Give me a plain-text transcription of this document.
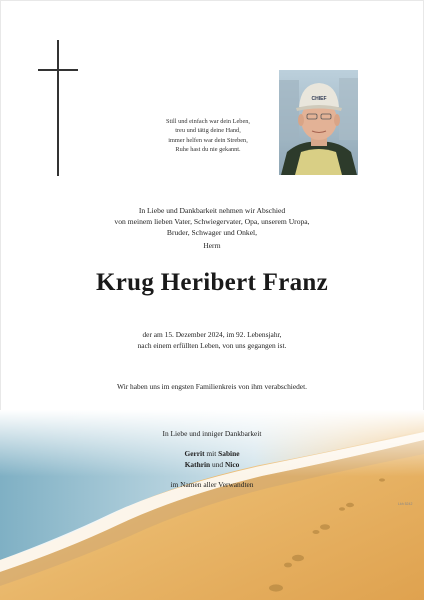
Still und einfach war dein Leben,
treu und tätig deine Hand,
immer helfen war dein Streben,
Ruhe hast du nie gekannt.
CHIEF
In Liebe und Dankbarkeit nehmen wir Abschied
von meinem lieben Vater, Schwiegervater, Opa, unserem Uropa,
Bruder, Schwager und Onkel,
Herrn
Krug Heribert Franz
der am 15. Dezember 2024, im 92. Lebensjahr,
nach einem erfüllten Leben, von uns gegangen ist.
Wir haben uns im engsten Familienkreis von ihm verabschiedet.
In Liebe und inniger Dankbarkeit
Gerrit mit Sabine
Kathrin und Nico
im Namen aller Verwandten
Lkh 5242
